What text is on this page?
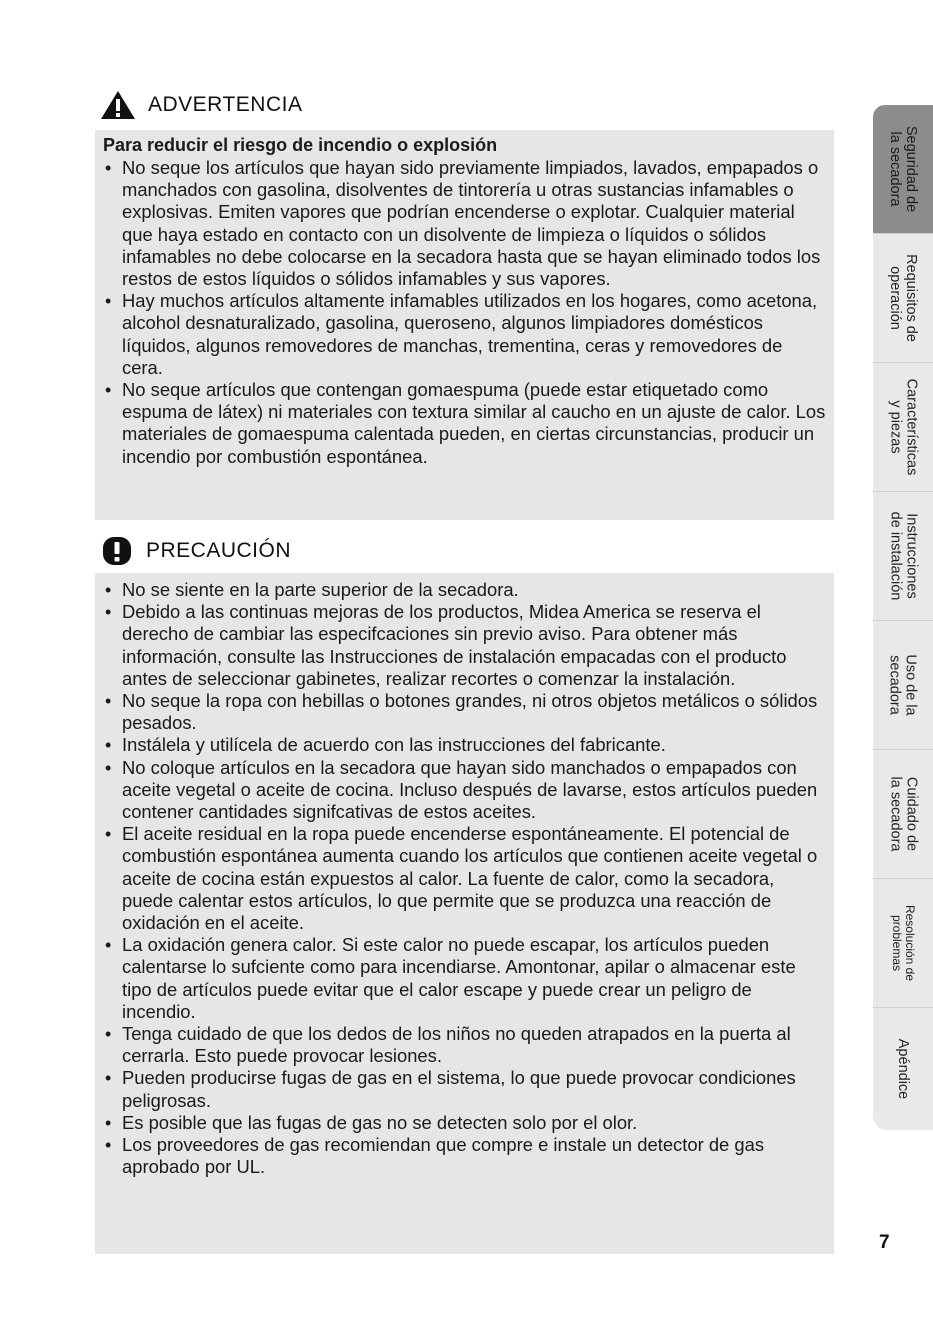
ADVERTENCIA
Para reducir el riesgo de incendio o explosión
• No seque los artículos que hayan sido previamente limpiados, lavados, empapados o manchados con gasolina, disolventes de tintorería u otras sustancias infamables o explosivas. Emiten vapores que podrían encenderse o explotar. Cualquier material que haya estado en contacto con un disolvente de limpieza o líquidos o sólidos infamables no debe colocarse en la secadora hasta que se hayan eliminado todos los restos de estos líquidos o sólidos infamables y sus vapores.
• Hay muchos artículos altamente infamables utilizados en los hogares, como acetona, alcohol desnaturalizado, gasolina, queroseno, algunos limpiadores domésticos líquidos, algunos removedores de manchas, trementina, ceras y removedores de cera.
• No seque artículos que contengan gomaespuma (puede estar etiquetado como espuma de látex) ni materiales con textura similar al caucho en un ajuste de calor. Los materiales de gomaespuma calentada pueden, en ciertas circunstancias, producir un incendio por combustión espontánea.
PRECAUCIÓN
• No se siente en la parte superior de la secadora.
• Debido a las continuas mejoras de los productos, Midea America se reserva el derecho de cambiar las especifcaciones sin previo aviso. Para obtener más información, consulte las Instrucciones de instalación empacadas con el producto antes de seleccionar gabinetes, realizar recortes o comenzar la instalación.
• No seque la ropa con hebillas o botones grandes, ni otros objetos metálicos o sólidos pesados.
• Instálela y utilícela de acuerdo con las instrucciones del fabricante.
• No coloque artículos en la secadora que hayan sido manchados o empapados con aceite vegetal o aceite de cocina. Incluso después de lavarse, estos artículos pueden contener cantidades signifcativas de estos aceites.
• El aceite residual en la ropa puede encenderse espontáneamente. El potencial de combustión espontánea aumenta cuando los artículos que contienen aceite vegetal o aceite de cocina están expuestos al calor. La fuente de calor, como la secadora, puede calentar estos artículos, lo que permite que se produzca una reacción de oxidación en el aceite.
• La oxidación genera calor. Si este calor no puede escapar, los artículos pueden calentarse lo sufciente como para incendiarse. Amontonar, apilar o almacenar este tipo de artículos puede evitar que el calor escape y puede crear un peligro de incendio.
• Tenga cuidado de que los dedos de los niños no queden atrapados en la puerta al cerrarla. Esto puede provocar lesiones.
• Pueden producirse fugas de gas en el sistema, lo que puede provocar condiciones peligrosas.
• Es posible que las fugas de gas no se detecten solo por el olor.
• Los proveedores de gas recomiendan que compre e instale un detector de gas aprobado por UL.
Seguridad de
la secadora
Requisitos de
operación
Características
y piezas
Instrucciones
de instalación
Uso de la
secadora
Cuidado de
la secadora
Resolución de
problemas
Apéndice
7
